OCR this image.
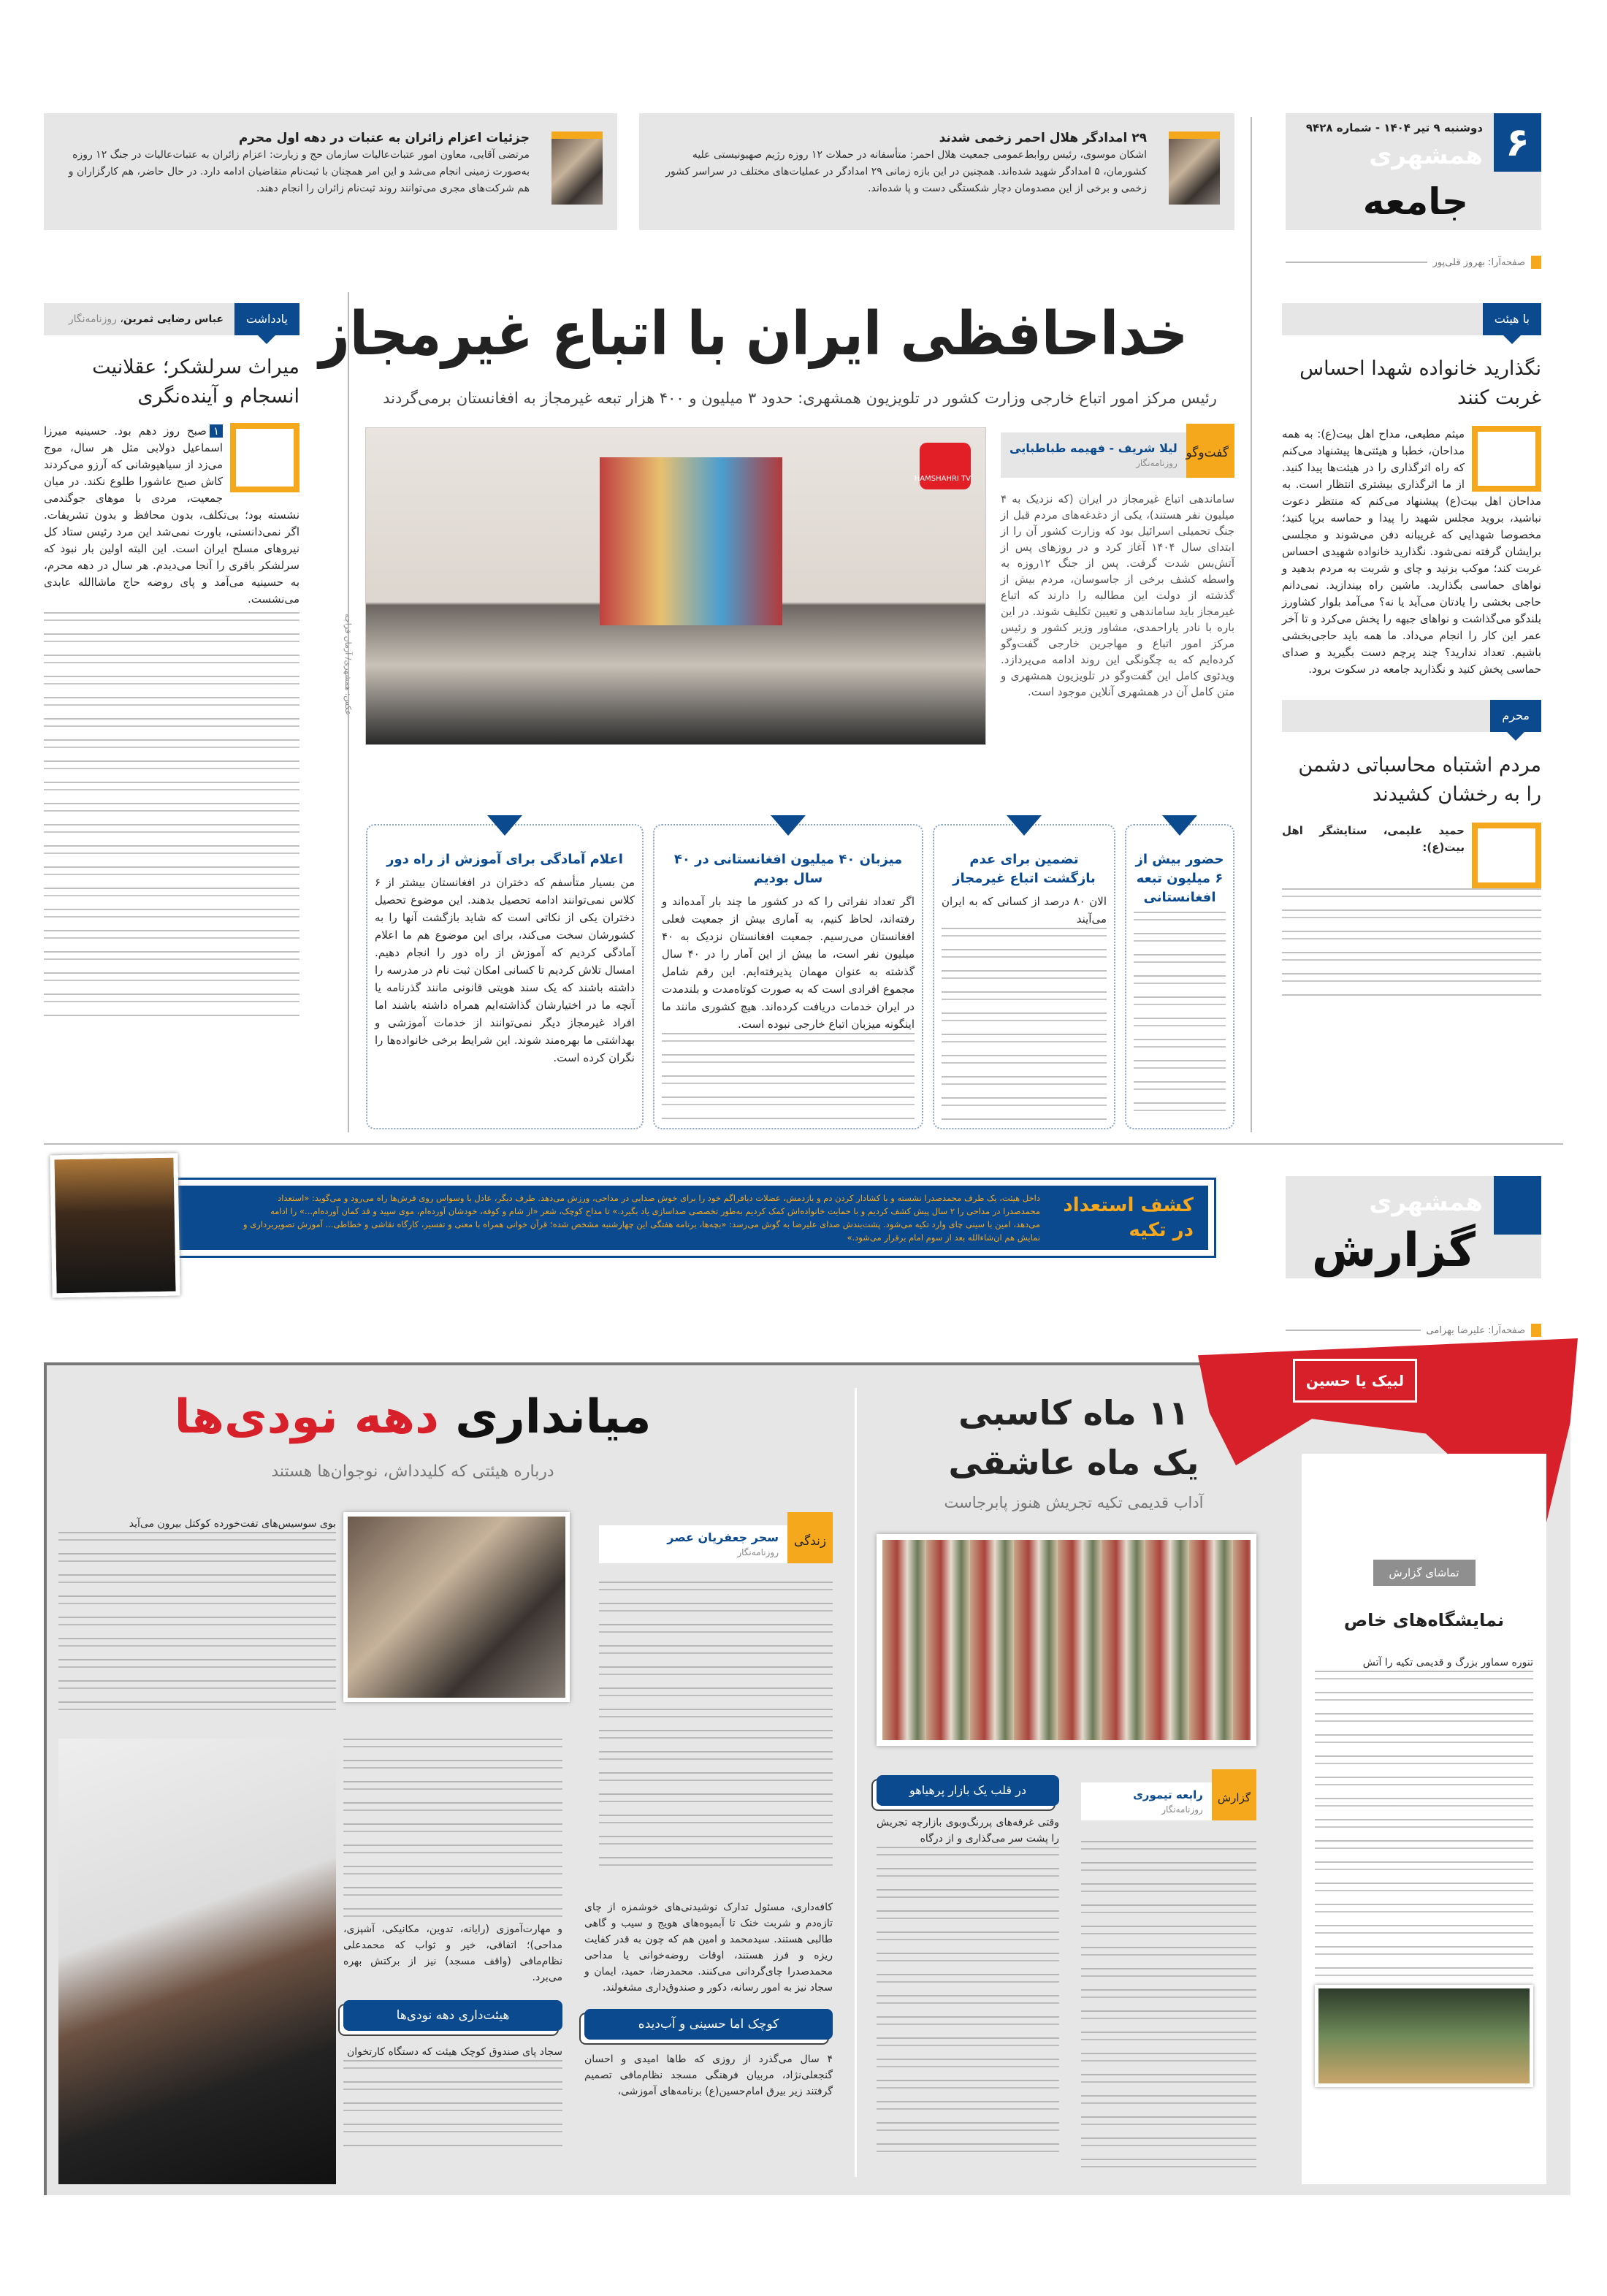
۶
دوشنبه ۹ تیر ۱۴۰۴ - شماره ۹۴۲۸
همشهری
جامعه
صفحه‌آرا: بهروز قلی‌پور
۲۹ امدادگر هلال احمر زخمی شدند
اشکان موسوی، رئیس روابط‌عمومی جمعیت هلال احمر: متأسفانه در حملات ۱۲ روزه رژیم صهیونیستی علیه کشورمان، ۵ امدادگر شهید شده‌اند. همچنین در این بازه زمانی ۲۹ امدادگر در عملیات‌های مختلف در سراسر کشور زخمی و برخی از این مصدومان دچار شکستگی دست و پا شده‌اند.
جزئیات اعزام زائران به عتبات در دهه اول محرم
مرتضی آقایی، معاون امور عتبات‌عالیات سازمان حج و زیارت: اعزام زائران به عتبات‌عالیات در جنگ ۱۲ روزه به‌صورت زمینی انجام می‌شد و این امر همچنان با ثبت‌نام متقاضیان ادامه دارد. در حال حاضر، هم کارگزاران و هم شرکت‌های مجری می‌توانند روند ثبت‌نام زائران را انجام دهند.
با هیئت
نگذارید خانواده شهدا احساس غربت کنند

میثم مطیعی، مداح اهل بیت(ع): به همه مداحان، خطبا و هیئتی‌ها پیشنهاد می‌کنم که راه اثرگذاری را در هیئت‌ها پیدا کنید. از ما اثرگذاری بیشتری انتظار است. به مداحان اهل بیت(ع) پیشنهاد می‌کنم که منتظر دعوت نباشید، بروید مجلس شهید را پیدا و حماسه برپا کنید؛ مخصوصا شهدایی که غریبانه دفن می‌شوند و مجلسی برایشان گرفته نمی‌شود. نگذارید خانواده شهیدی احساس غربت کند؛ موکب بزنید و چای و شربت به مردم بدهید و نواهای حماسی بگذارید. ماشین راه بیندازید. نمی‌دانم حاجی بخشی را یادتان می‌آید یا نه؟ می‌آمد بلوار کشاورز بلندگو می‌گذاشت و نواهای جبهه را پخش می‌کرد و تا آخر عمر این کار را انجام می‌داد. ما همه باید حاجی‌بخشی باشیم. تعداد ندارید؟ چند پرچم دست بگیرید و صدای حماسی پخش کنید و نگذارید جامعه در سکوت برود.

محرم
مردم اشتباه محاسباتی دشمن را به رخشان کشیدند

حمید علیمی، ستایشگر اهل بیت(ع):

خداحافظی ایران با اتباع غیرمجاز
رئیس مرکز امور اتباع خارجی وزارت کشور در تلویزیون همشهری: حدود ۳ میلیون و ۴۰۰ هزار تبعه غیرمجاز به افغانستان برمی‌گردند
HAMSHAHRI TV
عکس: همشهری/ آرمان قراچه
گفت‌وگو
لیلا شریف - فهیمه طباطبایی
روزنامه‌نگار

ساماندهی اتباع غیرمجاز در ایران (که نزدیک به ۴ میلیون نفر هستند)، یکی از دغدغه‌های مردم قبل از جنگ تحمیلی اسرائیل بود که وزارت کشور آن را از ابتدای سال ۱۴۰۴ آغاز کرد و در روزهای پس از آتش‌بس شدت گرفت. پس از جنگ ۱۲روزه به واسطه کشف برخی از جاسوسان، مردم بیش از گذشته از دولت این مطالبه را دارند که اتباع غیرمجاز باید ساماندهی و تعیین تکلیف شوند. در این باره با نادر یاراحمدی، مشاور وزیر کشور و رئیس مرکز امور اتباع و مهاجرین خارجی گفت‌وگو کرده‌ایم که به چگونگی این روند ادامه می‌پردازد. ویدئوی کامل این گفت‌وگو در تلویزیون همشهری و متن کامل آن در همشهری آنلاین موجود است.

حضور بیش از ۶ میلیون تبعه افغانستانی
تضمین برای عدم بازگشت اتباع غیرمجاز

الان ۸۰ درصد از کسانی که به ایران می‌آیند

میزبان ۴۰ میلیون افغانستانی در ۴۰ سال بودیم

اگر تعداد نفراتی را که در کشور ما چند بار آمده‌اند و رفته‌اند، لحاظ کنیم، به آماری بیش از جمعیت فعلی افغانستان می‌رسیم. جمعیت افغانستان نزدیک به ۴۰ میلیون نفر است، ما بیش از این آمار را در ۴۰ سال گذشته به عنوان مهمان پذیرفته‌ایم. این رقم شامل مجموع افرادی است که به صورت کوتاه‌مدت و بلندمدت در ایران خدمات دریافت کرده‌اند. هیچ کشوری مانند ما اینگونه میزبان اتباع خارجی نبوده است.

اعلام آمادگی برای آموزش از راه دور

من بسیار متأسفم که دختران در افغانستان بیشتر از ۶ کلاس نمی‌توانند ادامه تحصیل بدهند. این موضوع تحصیل دختران یکی از نکاتی است که شاید بازگشت آنها را به کشورشان سخت می‌کند، برای این موضوع هم ما اعلام آمادگی کردیم که آموزش از راه دور را انجام دهیم. امسال تلاش کردیم تا کسانی امکان ثبت نام در مدرسه را داشته باشند که یک سند هویتی قانونی مانند گذرنامه یا آنچه ما در اختیارشان گذاشته‌ایم همراه داشته باشند اما افراد غیرمجاز دیگر نمی‌توانند از خدمات آموزشی و بهداشتی ما بهره‌مند شوند. این شرایط برخی خانواده‌ها را نگران کرده است.

یادداشت
عباس رضایی ثمرین، روزنامه‌نگار
میراث سرلشکر؛ عقلانیت انسجام و آینده‌نگری

۱صبح روز دهم بود. حسینیه میرزا اسماعیل دولابی مثل هر سال، موج می‌زد از سیاهپوشانی که آرزو می‌کردند کاش صبح عاشورا طلوع نکند. در میان جمعیت، مردی با موهای جوگندمی نشسته بود؛ بی‌تکلف، بدون محافظ و بدون تشریفات. اگر نمی‌دانستی، باورت نمی‌شد این مرد رئیس ستاد کل نیروهای مسلح ایران است. این البته اولین بار نبود که سرلشکر باقری را آنجا می‌دیدم. هر سال در دهه محرم، به حسینیه می‌آمد و پای روضه حاج ماشاالله عابدی می‌نشست.

کشف استعداد در تکیه
داخل هیئت، یک طرف محمدصدرا نشسته و با کشادار کردن دم و بازدمش، عضلات دیافراگم خود را برای خوش صدایی در مداحی، ورزش می‌دهد. طرف دیگر، عادل با وسواس روی فرش‌ها راه می‌رود و می‌گوید: «استعداد محمدصدرا در مداحی را ۲ سال پیش کشف کردیم و با حمایت خانواده‌اش کمک کردیم به‌طور تخصصی صداسازی یاد بگیرد.» تا مداح کوچک، شعر «از شام و کوفه، خودشان آورده‌ام، موی سپید و قد کمان آورده‌ام...» را ادامه می‌دهد، امین با سینی چای وارد تکیه می‌شود. پشت‌بندش صدای علیرضا به گوش می‌رسد: «بچه‌ها، برنامه هفتگی این چهارشنبه مشخص شده؛ قرآن خوانی همراه با معنی و تفسیر، کارگاه نقاشی و خطاطی... آموزش تصویربرداری و نمایش هم ان‌شاءالله بعد از سوم امام برقرار می‌شود.»
همشهری
گزارش
صفحه‌آرا: علیرضا بهرامی
لبیک یا حسین
میانداری دهه نودی‌ها
درباره هیئتی که کلیدداش، نوجوان‌ها هستند
زندگی
سحر جعفریان عصر
روزنامه‌نگار

بوی سوسیس‌های تفت‌خورده کوکتل بیرون می‌آید

و مهارت‌آموزی (رایانه، تدوین، مکانیکی، آشپزی، مداحی)؛ اتفاقی، خیر و ثواب که محمدعلی نظام‌مافی (واقف مسجد) نیز از برکتش بهره می‌برد.

هیئت‌داری دهه نودی‌ها

سجاد پای صندوق کوچک هیئت که دستگاه کارتخوان

کافه‌داری، مسئول تدارک نوشیدنی‌های خوشمزه از چای تازه‌دم و شربت خنک تا آبمیوه‌های هویج و سیب و گاهی طالبی هستند. سیدمحمد و امین هم که چون به قدر کفایت ریزه و فرز هستند، اوقات روضه‌خوانی یا مداحی محمدصدرا چای‌گردانی می‌کنند. محمدرضا، حمید، ایمان و سجاد نیز به امور رسانه، دکور و صندوق‌داری مشغولند.

کوچک اما حسینی و آب‌دیده

۴ سال می‌گذرد از روزی که طاها امیدی و احسان گنجعلی‌نژاد، مربیان فرهنگی مسجد نظام‌مافی تصمیم گرفتند زیر بیرق امام‌حسین(ع) برنامه‌های آموزشی،

۱۱ ماه کاسبی
یک ماه عاشقی
آداب قدیمی تکیه تجریش هنوز پابرجاست
در قلب یک بازار پرهیاهو

وقتی غرفه‌های پررنگ‌وبوی بازارچه تجریش را پشت سر می‌گذاری و از درگاه

گزارش
رابعه تیموری
روزنامه‌نگار
تماشای گزارش
نمایشگاه‌های خاص

تنوره سماور بزرگ و قدیمی تکیه را آتش
